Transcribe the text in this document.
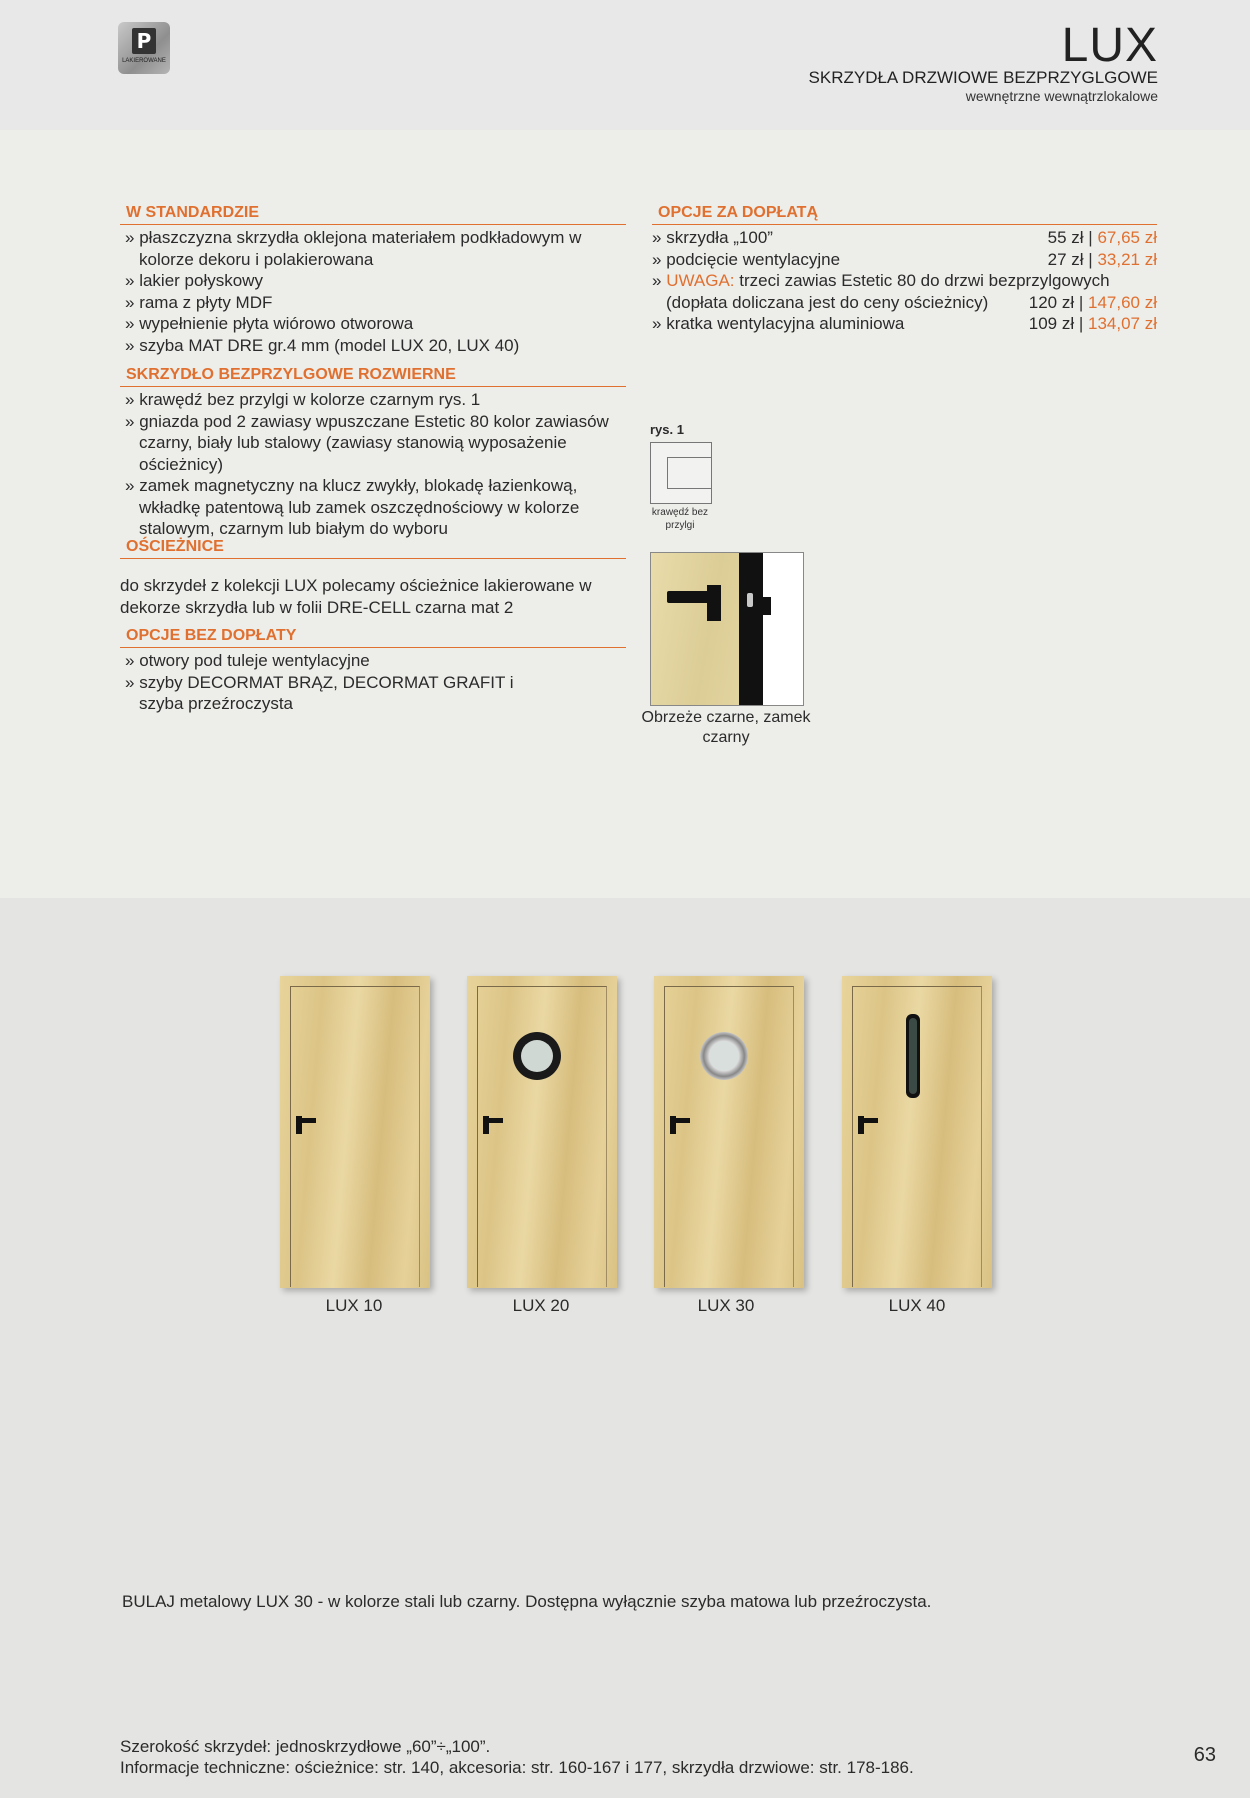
P
LAKIEROWANE	LUX
SKRZYDŁA DRZWIOWE BEZPRZYGLGOWE
wewnętrzne wewnątrzlokalowe
W STANDARDZIE
» płaszczyzna skrzydła oklejona materiałem podkładowym w kolorze dekoru i polakierowana
» lakier połyskowy
» rama z płyty MDF
» wypełnienie płyta wiórowo otworowa
» szyba MAT DRE gr.4 mm (model LUX 20, LUX 40)
SKRZYDŁO BEZPRZYLGOWE ROZWIERNE
» krawędź bez przylgi w kolorze czarnym rys. 1
» gniazda pod 2 zawiasy wpuszczane Estetic 80 kolor zawiasów czarny, biały lub stalowy (zawiasy stanowią wyposażenie ościeżnicy)
» zamek magnetyczny na klucz zwykły, blokadę łazienkową, wkładkę patentową lub zamek oszczędnościowy w kolorze stalowym, czarnym lub białym do wyboru
OŚCIEŻNICE
do skrzydeł z kolekcji LUX polecamy ościeżnice lakierowane w dekorze skrzydła lub w folii DRE-CELL czarna mat 2
OPCJE BEZ DOPŁATY
» otwory pod tuleje wentylacyjne
» szyby DECORMAT BRĄZ, DECORMAT GRAFIT i szyba przeźroczysta
OPCJE ZA DOPŁATĄ
» skrzydła „100”	55 zł | 67,65 zł
» podcięcie wentylacyjne	27 zł | 33,21 zł
» UWAGA: trzeci zawias Estetic 80 do drzwi bezprzylgowych
(dopłata doliczana jest do ceny ościeżnicy) 120 zł | 147,60 zł
» kratka wentylacyjna aluminiowa	109 zł | 134,07 zł
rys. 1
krawędź bez przylgi
Obrzeże czarne, zamek czarny
LUX 10	LUX 20	LUX 30	LUX 40
BULAJ metalowy LUX 30 - w kolorze stali lub czarny. Dostępna wyłącznie szyba matowa lub przeźroczysta.
Szerokość skrzydeł: jednoskrzydłowe „60”÷„100”.
Informacje techniczne: ościeżnice: str. 140, akcesoria: str. 160-167 i 177, skrzydła drzwiowe: str. 178-186.
63
